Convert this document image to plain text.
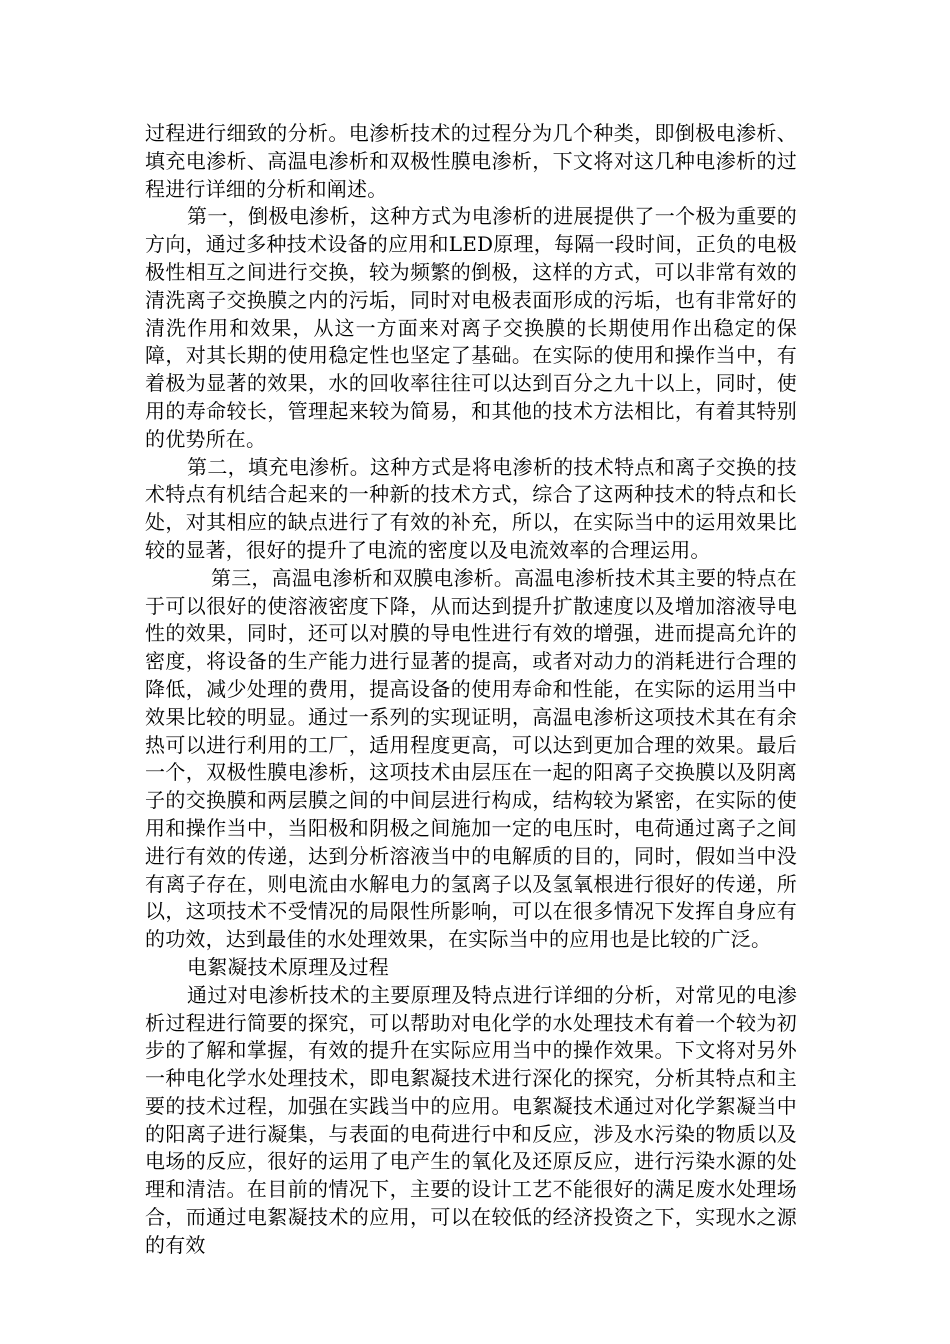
过程进行细致的分析。电渗析技术的过程分为几个种类，即倒极电渗析、填充电渗析、高温电渗析和双极性膜电渗析，下文将对这几种电渗析的过程进行详细的分析和阐述。

第一，倒极电渗析，这种方式为电渗析的进展提供了一个极为重要的方向，通过多种技术设备的应用和LED原理，每隔一段时间，正负的电极极性相互之间进行交换，较为频繁的倒极，这样的方式，可以非常有效的清洗离子交换膜之内的污垢，同时对电极表面形成的污垢，也有非常好的清洗作用和效果，从这一方面来对离子交换膜的长期使用作出稳定的保障，对其长期的使用稳定性也坚定了基础。在实际的使用和操作当中，有着极为显著的效果，水的回收率往往可以达到百分之九十以上，同时，使用的寿命较长，管理起来较为简易，和其他的技术方法相比，有着其特别的优势所在。

第二，填充电渗析。这种方式是将电渗析的技术特点和离子交换的技术特点有机结合起来的一种新的技术方式，综合了这两种技术的特点和长处，对其相应的缺点进行了有效的补充，所以，在实际当中的运用效果比较的显著，很好的提升了电流的密度以及电流效率的合理运用。

第三，高温电渗析和双膜电渗析。高温电渗析技术其主要的特点在于可以很好的使溶液密度下降，从而达到提升扩散速度以及增加溶液导电性的效果，同时，还可以对膜的导电性进行有效的增强，进而提高允许的密度，将设备的生产能力进行显著的提高，或者对动力的消耗进行合理的降低，减少处理的费用，提高设备的使用寿命和性能，在实际的运用当中效果比较的明显。通过一系列的实现证明，高温电渗析这项技术其在有余热可以进行利用的工厂，适用程度更高，可以达到更加合理的效果。最后一个，双极性膜电渗析，这项技术由层压在一起的阳离子交换膜以及阴离子的交换膜和两层膜之间的中间层进行构成，结构较为紧密，在实际的使用和操作当中，当阳极和阴极之间施加一定的电压时，电荷通过离子之间进行有效的传递，达到分析溶液当中的电解质的目的，同时，假如当中没有离子存在，则电流由水解电力的氢离子以及氢氧根进行很好的传递，所以，这项技术不受情况的局限性所影响，可以在很多情况下发挥自身应有的功效，达到最佳的水处理效果，在实际当中的应用也是比较的广泛。

电絮凝技术原理及过程

通过对电渗析技术的主要原理及特点进行详细的分析，对常见的电渗析过程进行简要的探究，可以帮助对电化学的水处理技术有着一个较为初步的了解和掌握，有效的提升在实际应用当中的操作效果。下文将对另外一种电化学水处理技术，即电絮凝技术进行深化的探究，分析其特点和主要的技术过程，加强在实践当中的应用。电絮凝技术通过对化学絮凝当中的阳离子进行凝集，与表面的电荷进行中和反应，涉及水污染的物质以及电场的反应，很好的运用了电产生的氧化及还原反应，进行污染水源的处理和清洁。在目前的情况下，主要的设计工艺不能很好的满足废水处理场合，而通过电絮凝技术的应用，可以在较低的经济投资之下，实现水之源的有效
